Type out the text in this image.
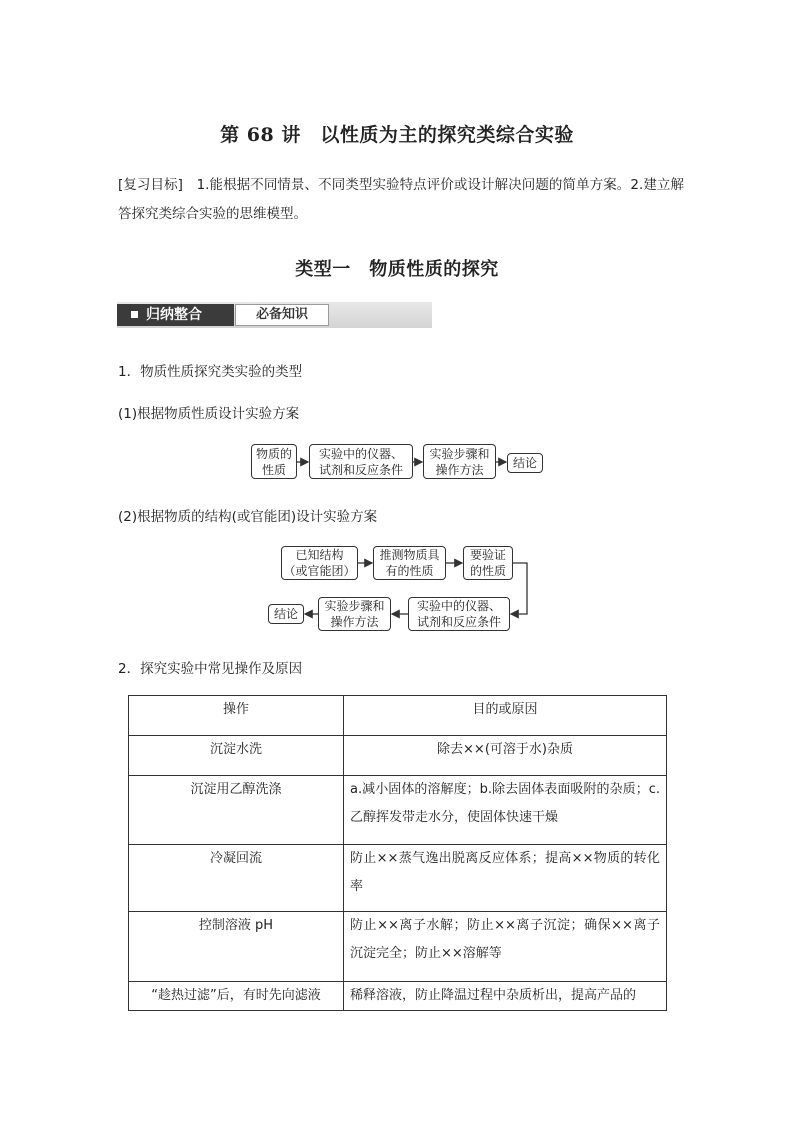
第 68 讲　以性质为主的探究类综合实验
[复习目标]　1.能根据不同情景、不同类型实验特点评价或设计解决问题的简单方案。2.建立解答探究类综合实验的思维模型。
类型一　物质性质的探究
归纳整合	必备知识
1．物质性质探究类实验的类型
(1)根据物质性质设计实验方案
物质的
性质
实验中的仪器、
试剂和反应条件
实验步骤和
操作方法	结论
(2)根据物质的结构(或官能团)设计实验方案
已知结构
（或官能团）
推测物质具
有的性质
要验证
的性质
实验中的仪器、
试剂和反应条件
实验步骤和
操作方法
结论
2．探究实验中常见操作及原因
操作	目的或原因
沉淀水洗	除去××(可溶于水)杂质
沉淀用乙醇洗涤	a.减小固体的溶解度；b.除去固体表面吸附的杂质；c.乙醇挥发带走水分，使固体快速干燥
冷凝回流	防止××蒸气逸出脱离反应体系；提高××物质的转化率
控制溶液 pH	防止××离子水解；防止××离子沉淀；确保××离子沉淀完全；防止××溶解等
“趁热过滤”后，有时先向滤液	稀释溶液，防止降温过程中杂质析出，提高产品的
